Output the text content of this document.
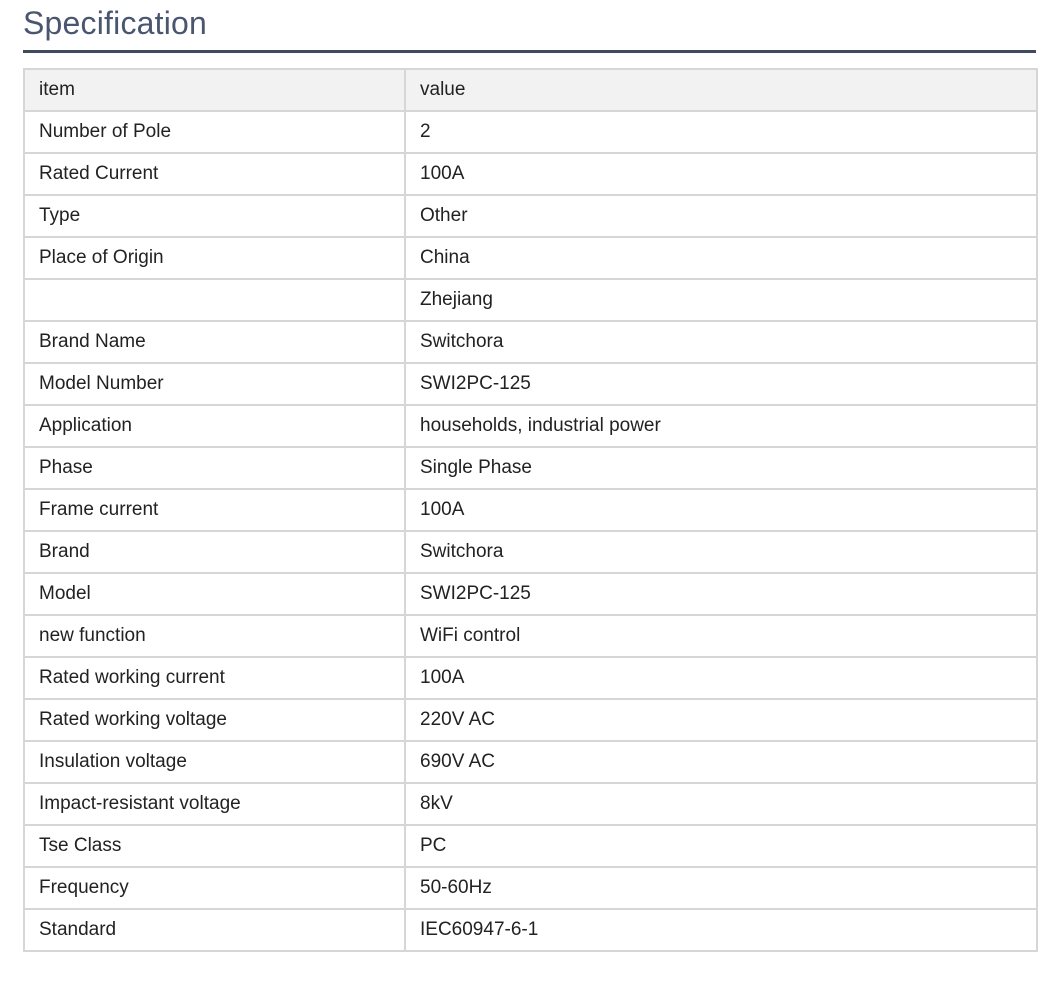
Specification
item	value
Number of Pole	2
Rated Current	100A
Type	Other
Place of Origin	China
	Zhejiang
Brand Name	Switchora
Model Number	SWI2PC-125
Application	households, industrial power
Phase	Single Phase
Frame current	100A
Brand	Switchora
Model	SWI2PC-125
new function	WiFi control
Rated working current	100A
Rated working voltage	220V AC
Insulation voltage	690V AC
Impact-resistant voltage	8kV
Tse Class	PC
Frequency	50-60Hz
Standard	IEC60947-6-1
